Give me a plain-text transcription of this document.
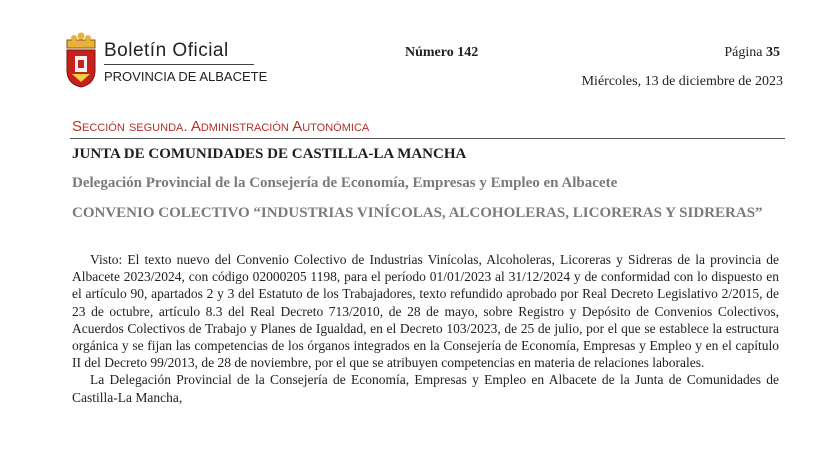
Boletín Oficial
PROVINCIA DE ALBACETE
Número 142	Página 35
Miércoles, 13 de diciembre de 2023
Sección segunda. Administración Autonómica
JUNTA DE COMUNIDADES DE CASTILLA-LA MANCHA
Delegación Provincial de la Consejería de Economía, Empresas y Empleo en Albacete
CONVENIO COLECTIVO “INDUSTRIAS VINÍCOLAS, ALCOHOLERAS, LICORERAS Y SIDRERAS”

Visto: El texto nuevo del Convenio Colectivo de Industrias Vinícolas, Alcoholeras, Licoreras y Sidreras de la provincia de Albacete 2023/2024, con código 02000205 1198, para el período 01/01/2023 al 31/12/2024 y de conformidad con lo dispuesto en el artículo 90, apartados 2 y 3 del Estatuto de los Trabajadores, texto refundido aprobado por Real Decreto Legislativo 2/2015, de 23 de octubre, artículo 8.3 del Real Decreto 713/2010, de 28 de mayo, sobre Registro y Depósito de Convenios Colectivos, Acuerdos Colectivos de Trabajo y Planes de Igualdad, en el Decreto 103/2023, de 25 de julio, por el que se establece la estructura orgánica y se fijan las competencias de los órganos integrados en la Consejería de Economía, Empresas y Empleo y en el capítulo II del Decreto 99/2013, de 28 de noviembre, por el que se atribuyen competencias en materia de relaciones laborales.

La Delegación Provincial de la Consejería de Economía, Empresas y Empleo en Albacete de la Junta de Comunidades de Castilla-La Mancha,
